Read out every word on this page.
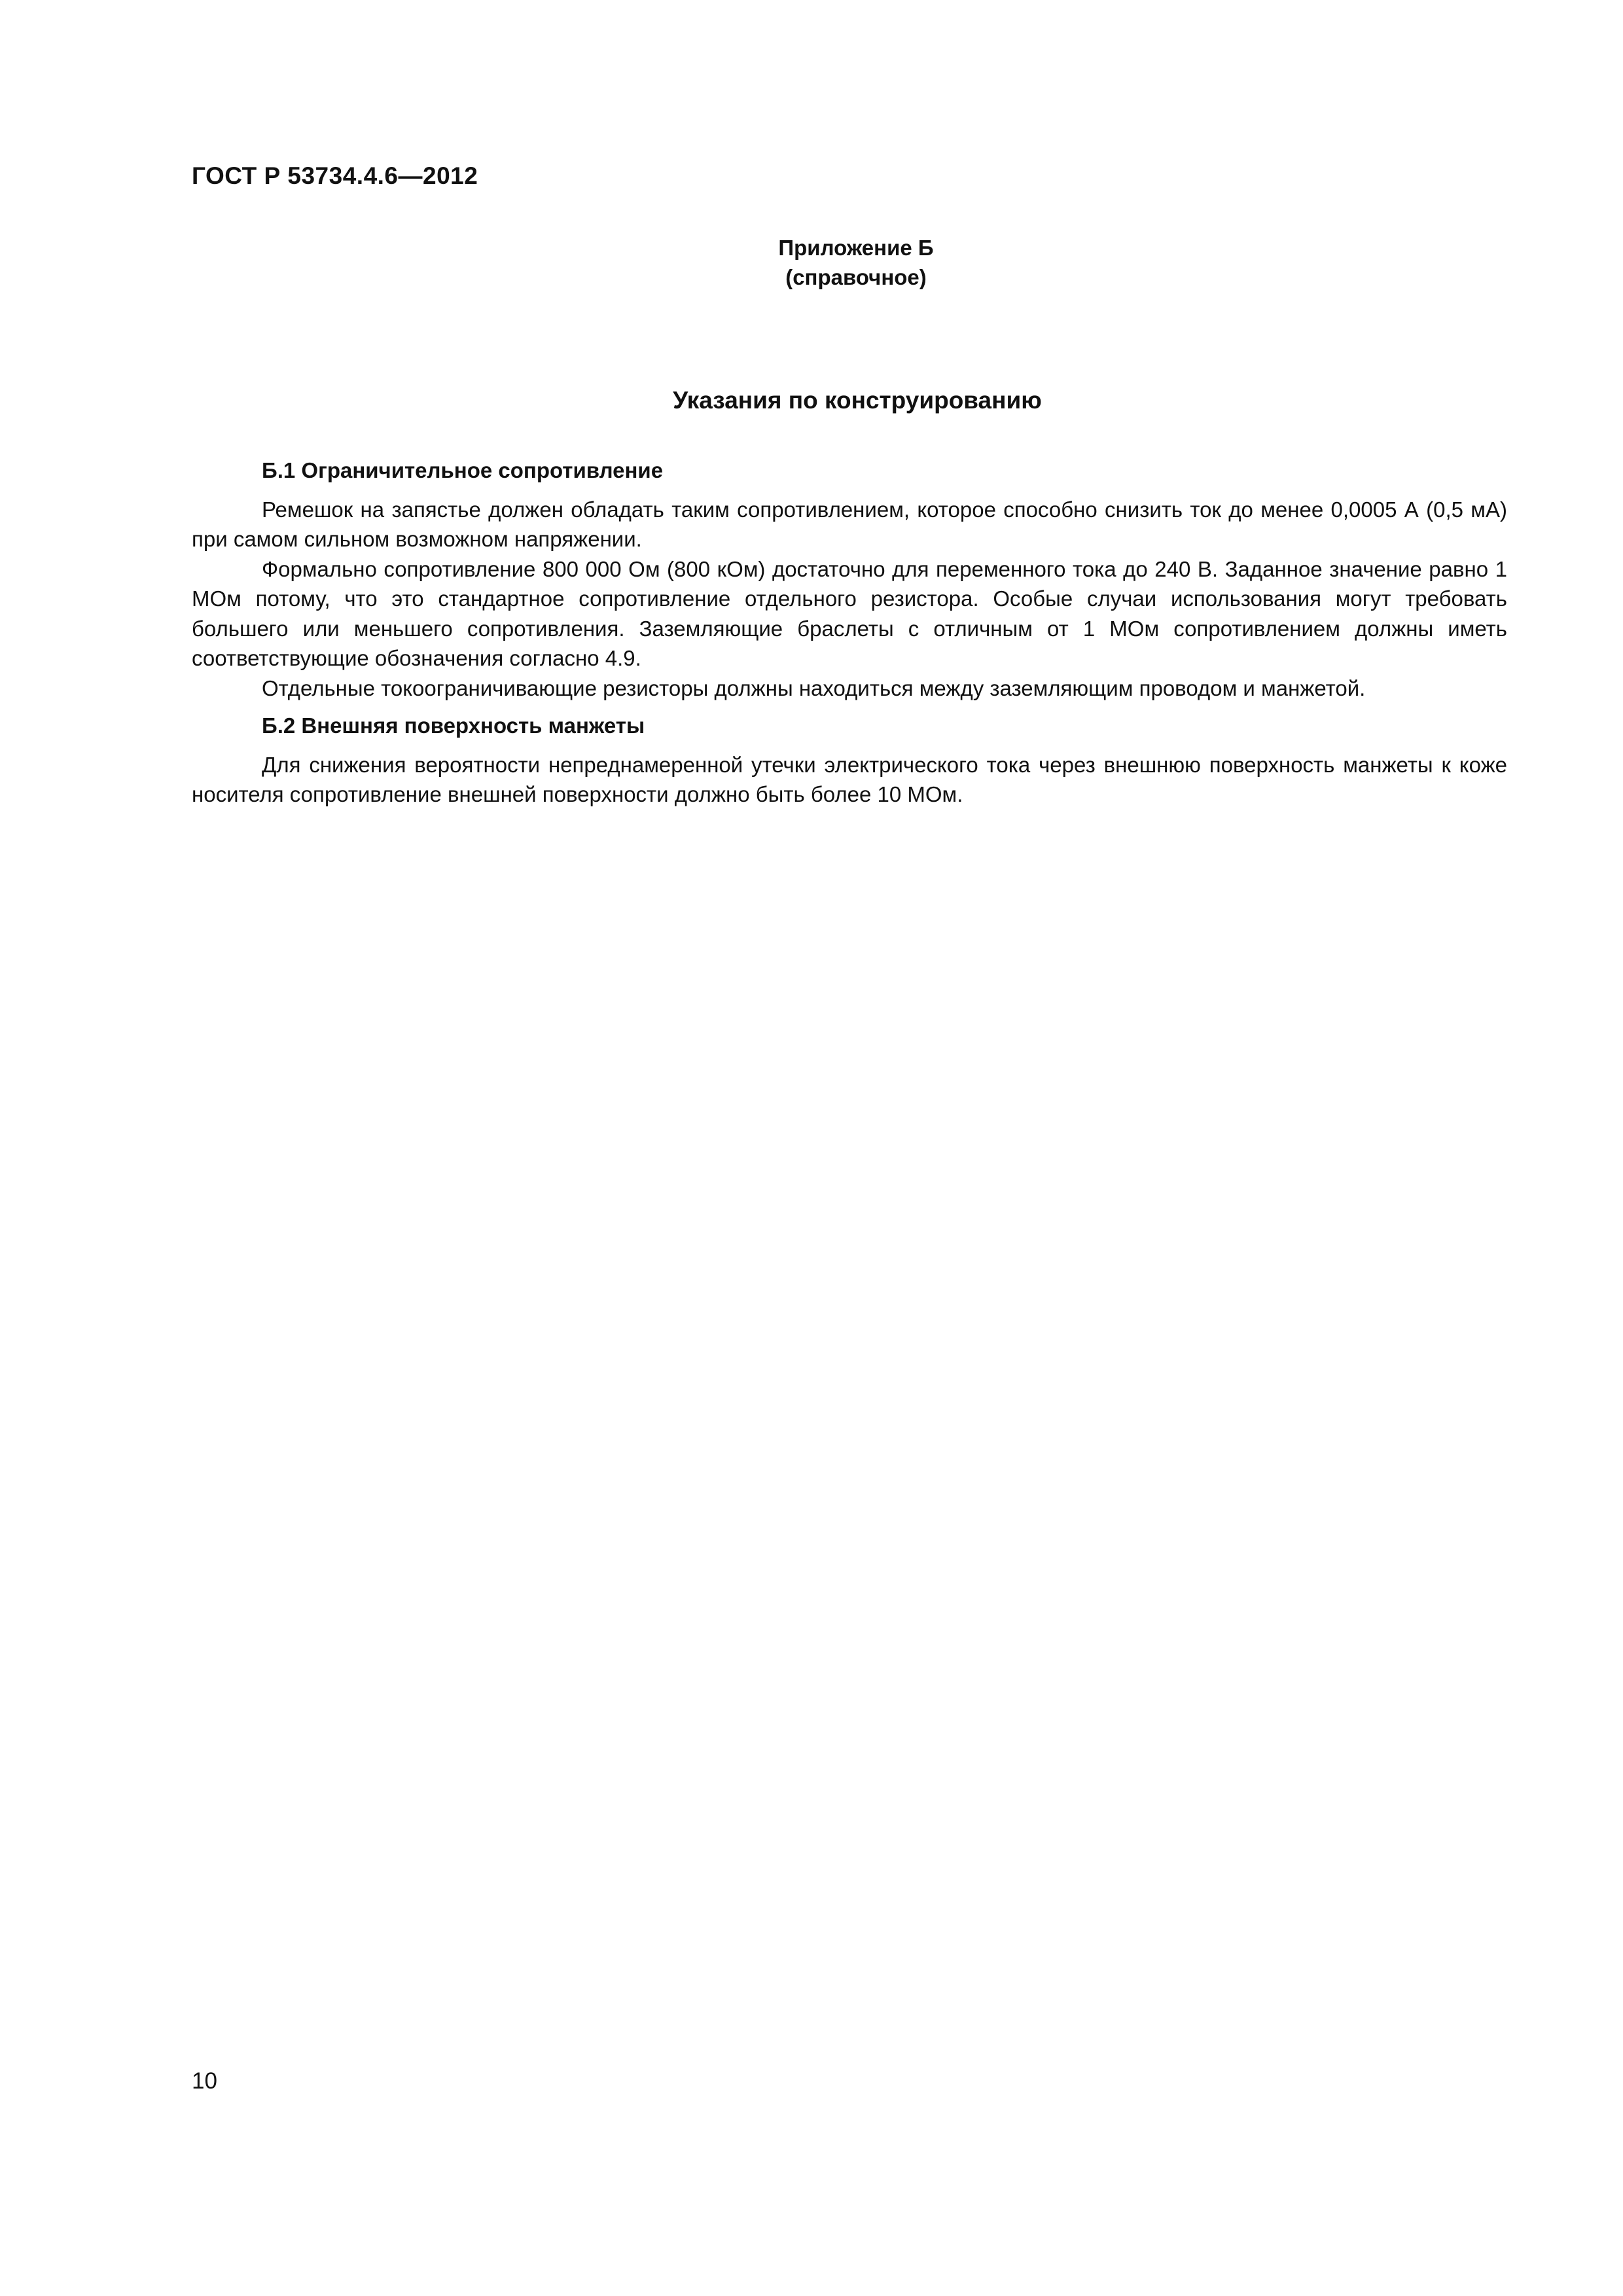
ГОСТ Р 53734.4.6—2012
Приложение Б
(справочное)
Указания по конструированию
Б.1 Ограничительное сопротивление

Ремешок на запястье должен обладать таким сопротивлением, которое способно снизить ток до менее 0,0005 А (0,5 мА) при самом сильном возможном напряжении.

Формально сопротивление 800 000 Ом (800 кОм) достаточно для переменного тока до 240 В. Заданное значение равно 1 МОм потому, что это стандартное сопротивление отдельного резистора. Особые случаи использования могут требовать большего или меньшего сопротивления. Заземляющие браслеты с отличным от 1 МОм сопротивлением должны иметь соответствующие обозначения согласно 4.9.

Отдельные токоограничивающие резисторы должны находиться между заземляющим проводом и манжетой.

Б.2 Внешняя поверхность манжеты

Для снижения вероятности непреднамеренной утечки электрического тока через внешнюю поверхность манжеты к коже носителя сопротивление внешней поверхности должно быть более 10 МОм.

10
